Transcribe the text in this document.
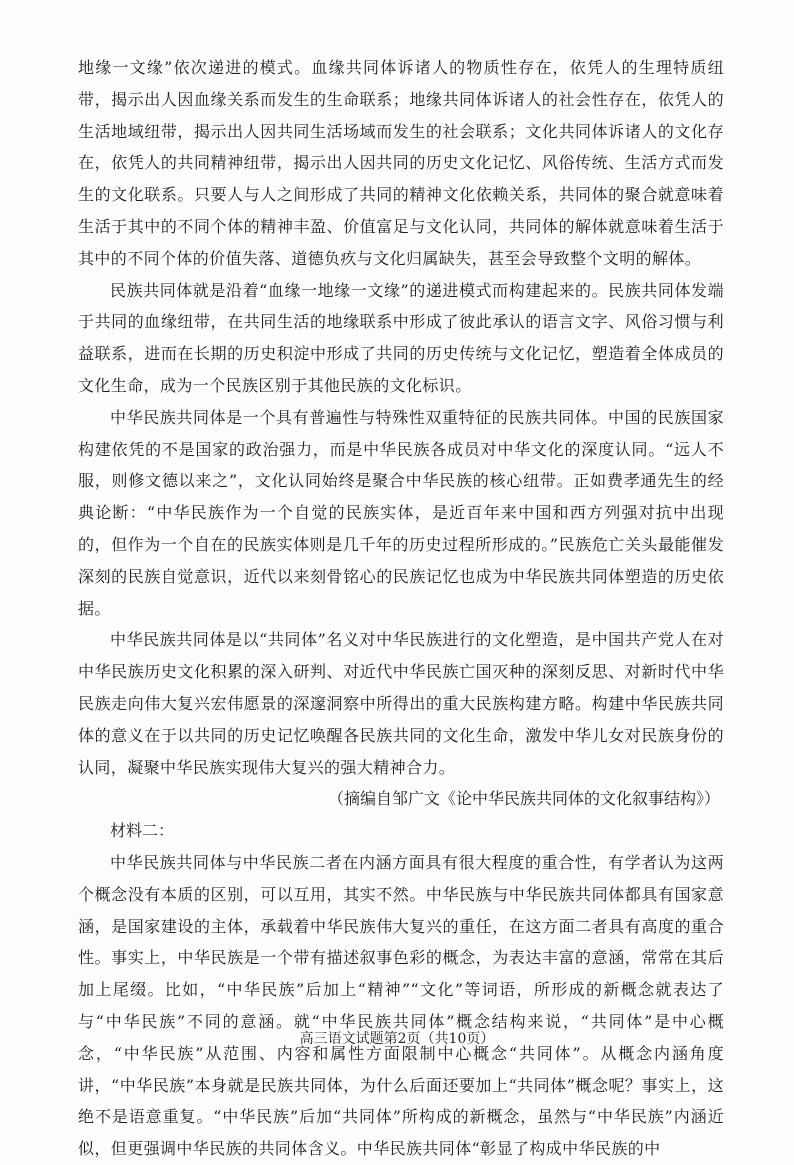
地缘一文缘”依次递进的模式。血缘共同体诉诸人的物质性存在，依凭人的生理特质纽带，揭示出人因血缘关系而发生的生命联系；地缘共同体诉诸人的社会性存在，依凭人的生活地域纽带，揭示出人因共同生活场域而发生的社会联系；文化共同体诉诸人的文化存在，依凭人的共同精神纽带，揭示出人因共同的历史文化记忆、风俗传统、生活方式而发生的文化联系。只要人与人之间形成了共同的精神文化依赖关系，共同体的聚合就意味着生活于其中的不同个体的精神丰盈、价值富足与文化认同，共同体的解体就意味着生活于其中的不同个体的价值失落、道德负疚与文化归属缺失，甚至会导致整个文明的解体。

民族共同体就是沿着“血缘一地缘一文缘”的递进模式而构建起来的。民族共同体发端于共同的血缘纽带，在共同生活的地缘联系中形成了彼此承认的语言文字、风俗习惯与利益联系，进而在长期的历史积淀中形成了共同的历史传统与文化记忆，塑造着全体成员的文化生命，成为一个民族区别于其他民族的文化标识。

中华民族共同体是一个具有普遍性与特殊性双重特征的民族共同体。中国的民族国家构建依凭的不是国家的政治强力，而是中华民族各成员对中华文化的深度认同。“远人不服，则修文德以来之”，文化认同始终是聚合中华民族的核心纽带。正如费孝通先生的经典论断：“中华民族作为一个自觉的民族实体，是近百年来中国和西方列强对抗中出现的，但作为一个自在的民族实体则是几千年的历史过程所形成的。”民族危亡关头最能催发深刻的民族自觉意识，近代以来刻骨铭心的民族记忆也成为中华民族共同体塑造的历史依据。

中华民族共同体是以“共同体”名义对中华民族进行的文化塑造，是中国共产党人在对中华民族历史文化积累的深入研判、对近代中华民族亡国灭种的深刻反思、对新时代中华民族走向伟大复兴宏伟愿景的深邃洞察中所得出的重大民族构建方略。构建中华民族共同体的意义在于以共同的历史记忆唤醒各民族共同的文化生命，激发中华儿女对民族身份的认同，凝聚中华民族实现伟大复兴的强大精神合力。

（摘编自邹广文《论中华民族共同体的文化叙事结构》）

材料二：

中华民族共同体与中华民族二者在内涵方面具有很大程度的重合性，有学者认为这两个概念没有本质的区别，可以互用，其实不然。中华民族与中华民族共同体都具有国家意涵，是国家建设的主体，承载着中华民族伟大复兴的重任，在这方面二者具有高度的重合性。事实上，中华民族是一个带有描述叙事色彩的概念，为表达丰富的意涵，常常在其后加上尾缀。比如，“中华民族”后加上“精神”“文化”等词语，所形成的新概念就表达了与“中华民族”不同的意涵。就“中华民族共同体”概念结构来说，“共同体”是中心概念，“中华民族”从范围、内容和属性方面限制中心概念“共同体”。从概念内涵角度讲，“中华民族”本身就是民族共同体，为什么后面还要加上“共同体”概念呢？事实上，这绝不是语意重复。“中华民族”后加“共同体”所构成的新概念，虽然与“中华民族”内涵近似，但更强调中华民族的共同体含义。中华民族共同体“彰显了构成中华民族的中

高三语文试题第2页（共10页）
